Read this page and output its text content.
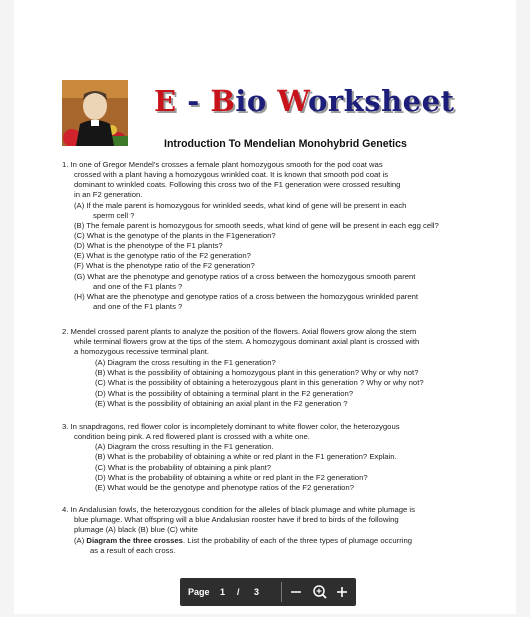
E - Bio Worksheet
Introduction To Mendelian Monohybrid Genetics
1. In one of Gregor Mendel's crosses a female plant homozygous smooth for the pod coat was
crossed with a plant having a homozygous wrinkled coat. It is known that smooth pod coat is
dominant to wrinkled coats. Following this cross two of the F1 generation were crossed resulting
in an F2 generation.
(A) If the male parent is homozygous for wrinkled seeds, what kind of gene will be present in each
sperm cell ?
(B) The female parent is homozygous for smooth seeds, what kind of gene will be present in each egg cell?
(C) What is the genotype of the plants in the F1generation?
(D) What is the phenotype of the F1 plants?
(E) What is the genotype ratio of the F2 generation?
(F) What is the phenotype ratio of the F2 generation?
(G) What are the phenotype and genotype ratios of a cross between the homozygous smooth parent
and one of the F1 plants ?
(H) What are the phenotype and genotype ratios of a cross between the homozygous wrinkled parent
and one of the F1 plants ?
2. Mendel crossed parent plants to analyze the position of the flowers. Axial flowers grow along the stem
while terminal flowers grow at the tips of the stem. A homozygous dominant axial plant is crossed with
a homozygous recessive terminal plant.
(A) Diagram the cross resulting in the F1 generation?
(B) What is the possibility of obtaining a homozygous plant in this generation? Why or why not?
(C) What is the possibility of obtaining a heterozygous plant in this generation ? Why or why not?
(D) What is the possibility of obtaining a terminal plant in the F2 generation?
(E) What is the possibility of obtaining an axial plant in the F2 generation ?
3. In snapdragons, red flower color is incompletely dominant to white flower color, the heterozygous
condition being pink. A red flowered plant is crossed with a white one.
(A) Diagram the cross resulting in the F1 generation.
(B) What is the probability of obtaining a white or red plant in the F1 generation? Explain.
(C) What is the probability of obtaining a pink plant?
(D) What is the probability of obtaining a white or red plant in the F2 generation?
(E) What would be the genotype and phenotype ratios of the F2 generation?
4. In Andalusian fowls, the heterozygous condition for the alleles of black plumage and white plumage is
blue plumage. What offspring will a blue Andalusian rooster have if bred to birds of the following
plumage (A) black (B) blue (C) white
(A) Diagram the three crosses. List the probability of each of the three types of plumage occurring
as a result of each cross.
Page 1 / 3
